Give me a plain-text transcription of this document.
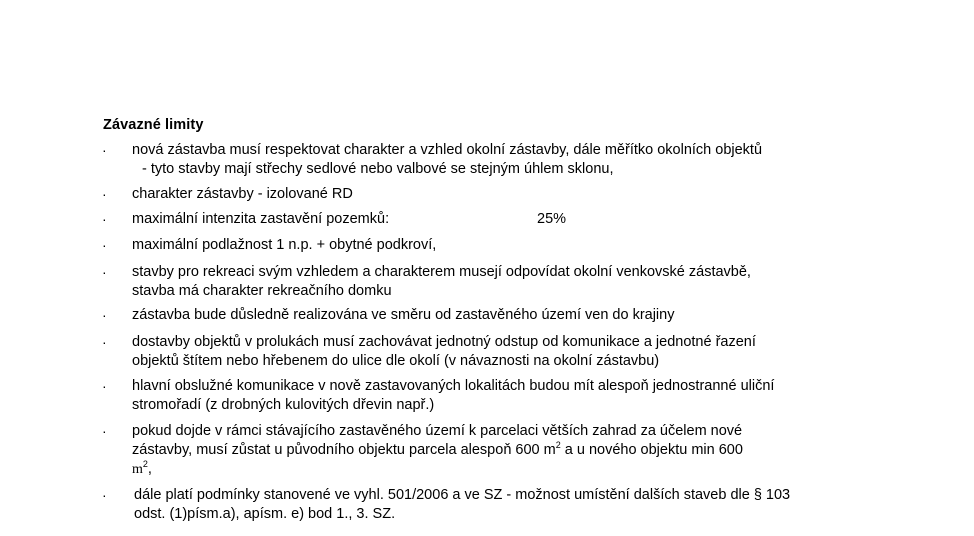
Závazné limity
·	nová zástavba musí respektovat charakter a vzhled okolní zástavby, dále měřítko okolních objektů
- tyto stavby mají střechy sedlové nebo valbové se stejným úhlem sklonu,
·	charakter zástavby - izolované RD
·	maximální intenzita zastavění pozemků:	25%
·	maximální podlažnost 1 n.p. + obytné podkroví,
·	stavby pro rekreaci svým vzhledem a charakterem musejí odpovídat okolní venkovské zástavbě,
stavba má charakter rekreačního domku
·	zástavba bude důsledně realizována ve směru od zastavěného území ven do krajiny
·	dostavby objektů v prolukách musí zachovávat jednotný odstup od komunikace a jednotné řazení
objektů štítem nebo hřebenem do ulice dle okolí (v návaznosti na okolní zástavbu)
·	hlavní obslužné komunikace v nově zastavovaných lokalitách budou mít alespoň jednostranné uliční
stromořadí (z drobných kulovitých dřevin např.)
·	pokud dojde v rámci stávajícího zastavěného území k parcelaci větších zahrad za účelem nové
zástavby, musí zůstat u původního objektu parcela alespoň 600 $m^2$ a u nového objektu min 600
$m^2$,
·	dále platí podmínky stanovené ve vyhl. 501/2006 a ve SZ - možnost umístění dalších staveb dle § 103
odst. (1)písm.a), apísm. e) bod 1., 3. SZ.
